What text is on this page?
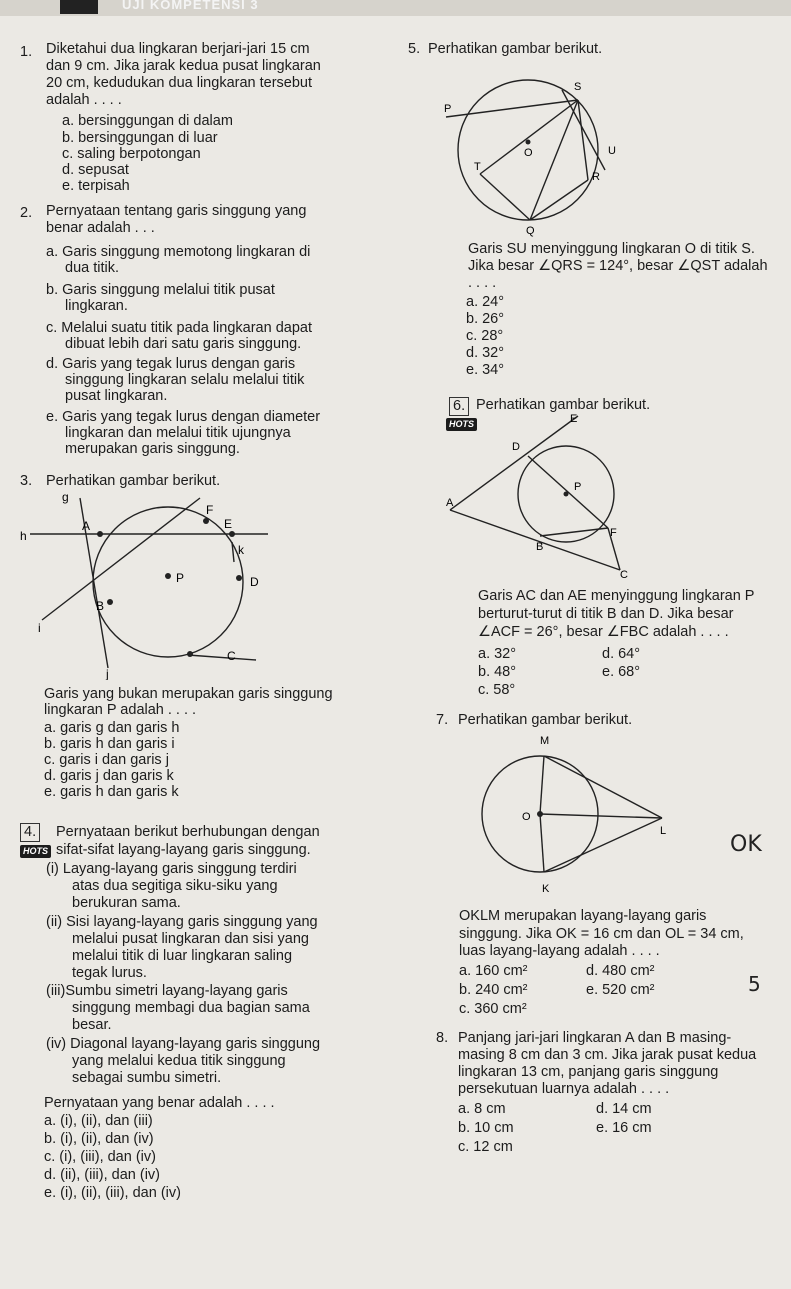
UJI KOMPETENSI 3
1. Diketahui dua lingkaran berjari-jari 15 cm
dan 9 cm. Jika jarak kedua pusat lingkaran
20 cm, kedudukan dua lingkaran tersebut
adalah . . . .
a. bersinggungan di dalam
b. bersinggungan di luar
c. saling berpotongan
d. sepusat
e. terpisah
2. Pernyataan tentang garis singgung yang
benar adalah . . .
a. Garis singgung memotong lingkaran di
dua titik.
b. Garis singgung melalui titik pusat
lingkaran.
c. Melalui suatu titik pada lingkaran dapat
dibuat lebih dari satu garis singgung.
d. Garis yang tegak lurus dengan garis
singgung lingkaran selalu melalui titik
pusat lingkaran.
e. Garis yang tegak lurus dengan diameter
lingkaran dan melalui titik ujungnya
merupakan garis singgung.
3. Perhatikan gambar berikut.
g
F
A	E
h
k
P	D
B
i
C
j
Garis yang bukan merupakan garis singgung
lingkaran P adalah . . . .
a. garis g dan garis h
b. garis h dan garis i
c. garis i dan garis j
d. garis j dan garis k
e. garis h dan garis k
4.
HOTS
Pernyataan berikut berhubungan dengan
sifat-sifat layang-layang garis singgung.
(i) Layang-layang garis singgung terdiri
atas dua segitiga siku-siku yang
berukuran sama.
(ii) Sisi layang-layang garis singgung yang
melalui pusat lingkaran dan sisi yang
melalui titik di luar lingkaran saling
tegak lurus.
(iii)Sumbu simetri layang-layang garis
singgung membagi dua bagian sama
besar.
(iv) Diagonal layang-layang garis singgung
yang melalui kedua titik singgung
sebagai sumbu simetri.
Pernyataan yang benar adalah . . . .
a. (i), (ii), dan (iii)
b. (i), (ii), dan (iv)
c. (i), (iii), dan (iv)
d. (ii), (iii), dan (iv)
e. (i), (ii), (iii), dan (iv)
5. Perhatikan gambar berikut.
S
P
O	U
T
R
Q
Garis SU menyinggung lingkaran O di titik S.
Jika besar ∠QRS = 124°, besar ∠QST adalah
. . . .
a. 24°
b. 26°
c. 28°
d. 32°
e. 34°
6.
HOTS
Perhatikan gambar berikut.
E
D
P
A
F
B
C
Garis AC dan AE menyinggung lingkaran P
berturut-turut di titik B dan D. Jika besar
∠ACF = 26°, besar ∠FBC adalah . . . .
a. 32°
b. 48°
c. 58°
d. 64°
e. 68°
7. Perhatikan gambar berikut.
M
O
L
K
OKLM merupakan layang-layang garis
singgung. Jika OK = 16 cm dan OL = 34 cm,
luas layang-layang adalah . . . .
a. 160 cm²
b. 240 cm²
c. 360 cm²
d. 480 cm²
e. 520 cm²
8. Panjang jari-jari lingkaran A dan B masing-
masing 8 cm dan 3 cm. Jika jarak pusat kedua
lingkaran 13 cm, panjang garis singgung
persekutuan luarnya adalah . . . .
a. 8 cm
b. 10 cm
c. 12 cm
d. 14 cm
e. 16 cm
OK
5
